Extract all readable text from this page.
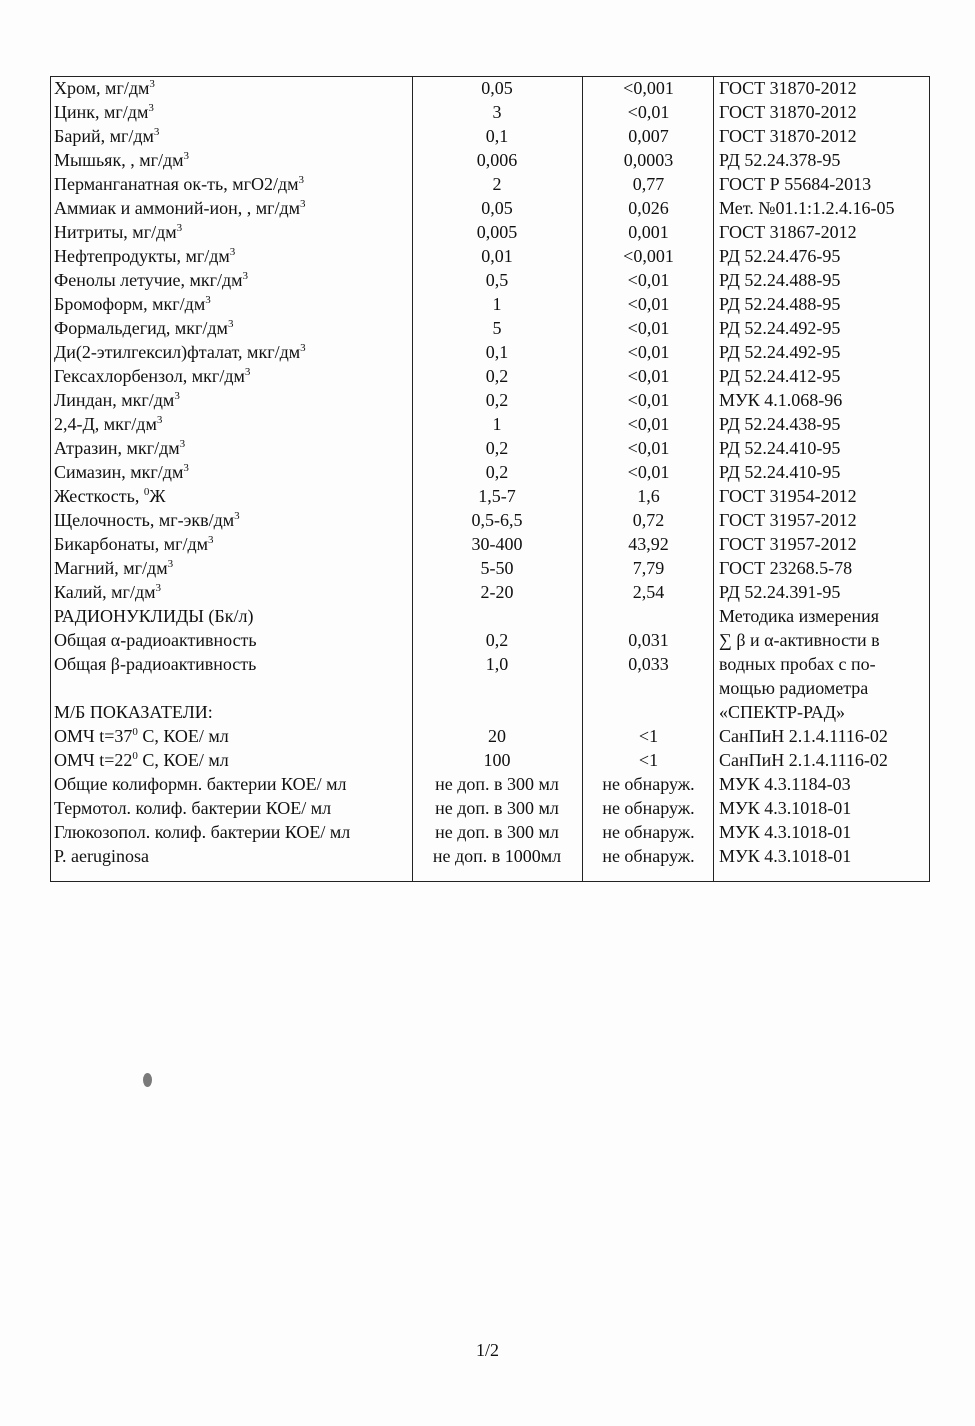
Хром, $мг/дм^3$	0,05	<0,001	ГОСТ 31870-2012
Цинк, $мг/дм^3$	3	<0,01	ГОСТ 31870-2012
Барий, $мг/дм^3$	0,1	0,007	ГОСТ 31870-2012
Мышьяк, , $мг/дм^3$	0,006	0,0003	РД 52.24.378-95
Перманганатная ок-ть, $мгО2/дм^3$	2	0,77	ГОСТ Р 55684-2013
Аммиак и аммоний-ион, , $мг/дм^3$	0,05	0,026	Мет. №01.1:1.2.4.16-05
Нитриты, $мг/дм^3$	0,005	0,001	ГОСТ 31867-2012
Нефтепродукты, $мг/дм^3$	0,01	<0,001	РД 52.24.476-95
Фенолы летучие, мкг/$дм^3$	0,5	<0,01	РД 52.24.488-95
Бромоформ, мкг/$дм^3$	1	<0,01	РД 52.24.488-95
Формальдегид, мкг/$дм^3$	5	<0,01	РД 52.24.492-95
Ди(2-этилгексил)фталат, мкг/$дм^3$	0,1	<0,01	РД 52.24.492-95
Гексахлорбензол, мкг/$дм^3$	0,2	<0,01	РД 52.24.412-95
Линдан, мкг/$дм^3$	0,2	<0,01	МУК 4.1.068-96
2,4-Д, мкг/$дм^3$	1	<0,01	РД 52.24.438-95
Атразин, мкг/$дм^3$	0,2	<0,01	РД 52.24.410-95
Симазин, мкг/$дм^3$	0,2	<0,01	РД 52.24.410-95
Жесткость, $^0$Ж	1,5-7	1,6	ГОСТ 31954-2012
Щелочность, $мг-экв/дм^3$	0,5-6,5	0,72	ГОСТ 31957-2012
Бикарбонаты, $мг/дм^3$	30-400	43,92	ГОСТ 31957-2012
Магний, $мг/дм^3$	5-50	7,79	ГОСТ 23268.5-78
Калий, $мг/дм^3$	2-20	2,54	РД 52.24.391-95
РАДИОНУКЛИДЫ (Бк/л)			Методика измерения
Общая α-радиоактивность	0,2	0,031	∑ β и α-активности в
Общая β-радиоактивность	1,0	0,033	водных пробах с по-
			мощью радиометра
М/Б ПОКАЗАТЕЛИ:			«СПЕКТР-РАД»
ОМЧ $t=37^0$ С, КОЕ/ мл	20	<1	СанПиН 2.1.4.1116-02
ОМЧ $t=22^0$ С, КОЕ/ мл	100	<1	СанПиН 2.1.4.1116-02
Общие колиформн. бактерии КОЕ/ мл	не доп. в 300 мл	не обнаруж.	МУК 4.3.1184-03
Термотол. колиф. бактерии КОЕ/ мл	не доп. в 300 мл	не обнаруж.	МУК 4.3.1018-01
Глюкозопол. колиф. бактерии КОЕ/ мл	не доп. в 300 мл	не обнаруж.	МУК 4.3.1018-01
P. aeruginosa	не доп. в 1000мл	не обнаруж.	МУК 4.3.1018-01
1/2
